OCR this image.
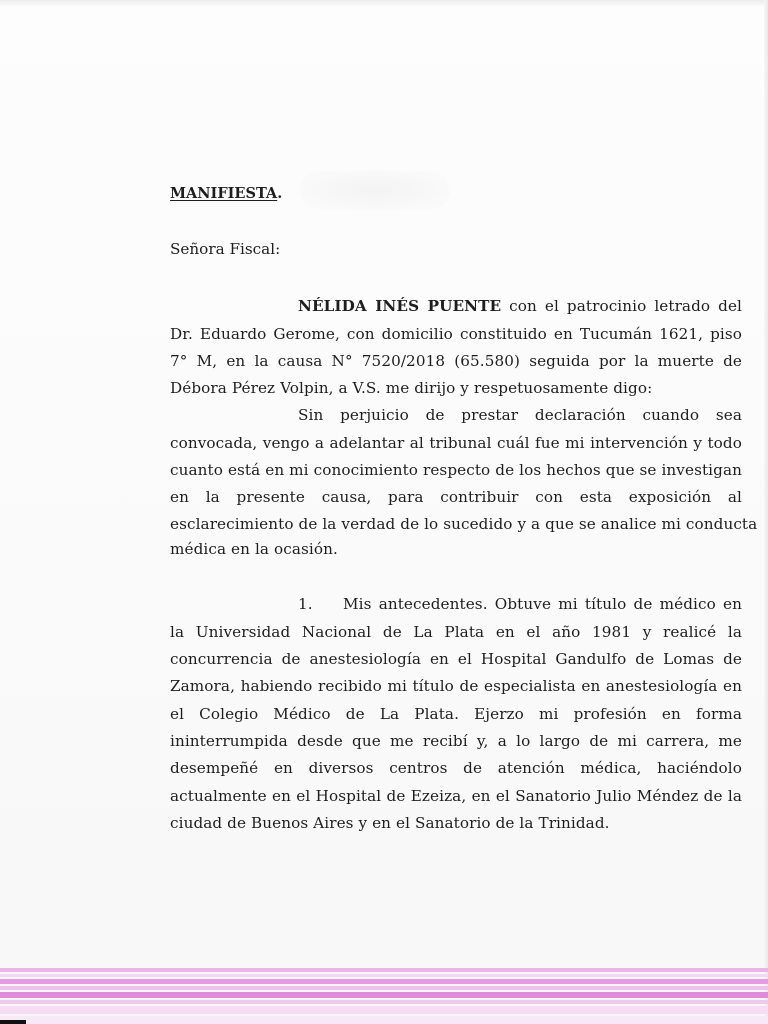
MANIFIESTA.
Señora Fiscal:
NÉLIDA INÉS PUENTE con el patrocinio letrado del
Dr. Eduardo Gerome, con domicilio constituido en Tucumán 1621, piso
7° M, en la causa N° 7520/2018 (65.580) seguida por la muerte de
Débora Pérez Volpin, a V.S. me dirijo y respetuosamente digo:
Sin perjuicio de prestar declaración cuando sea
convocada, vengo a adelantar al tribunal cuál fue mi intervención y todo
cuanto está en mi conocimiento respecto de los hechos que se investigan
en la presente causa, para contribuir con esta exposición al
esclarecimiento de la verdad de lo sucedido y a que se analice mi conducta
médica en la ocasión.
1.	Mis antecedentes. Obtuve mi título de médico en
la Universidad Nacional de La Plata en el año 1981 y realicé la
concurrencia de anestesiología en el Hospital Gandulfo de Lomas de
Zamora, habiendo recibido mi título de especialista en anestesiología en
el Colegio Médico de La Plata. Ejerzo mi profesión en forma
ininterrumpida desde que me recibí y, a lo largo de mi carrera, me
desempeñé en diversos centros de atención médica, haciéndolo
actualmente en el Hospital de Ezeiza, en el Sanatorio Julio Méndez de la
ciudad de Buenos Aires y en el Sanatorio de la Trinidad.
